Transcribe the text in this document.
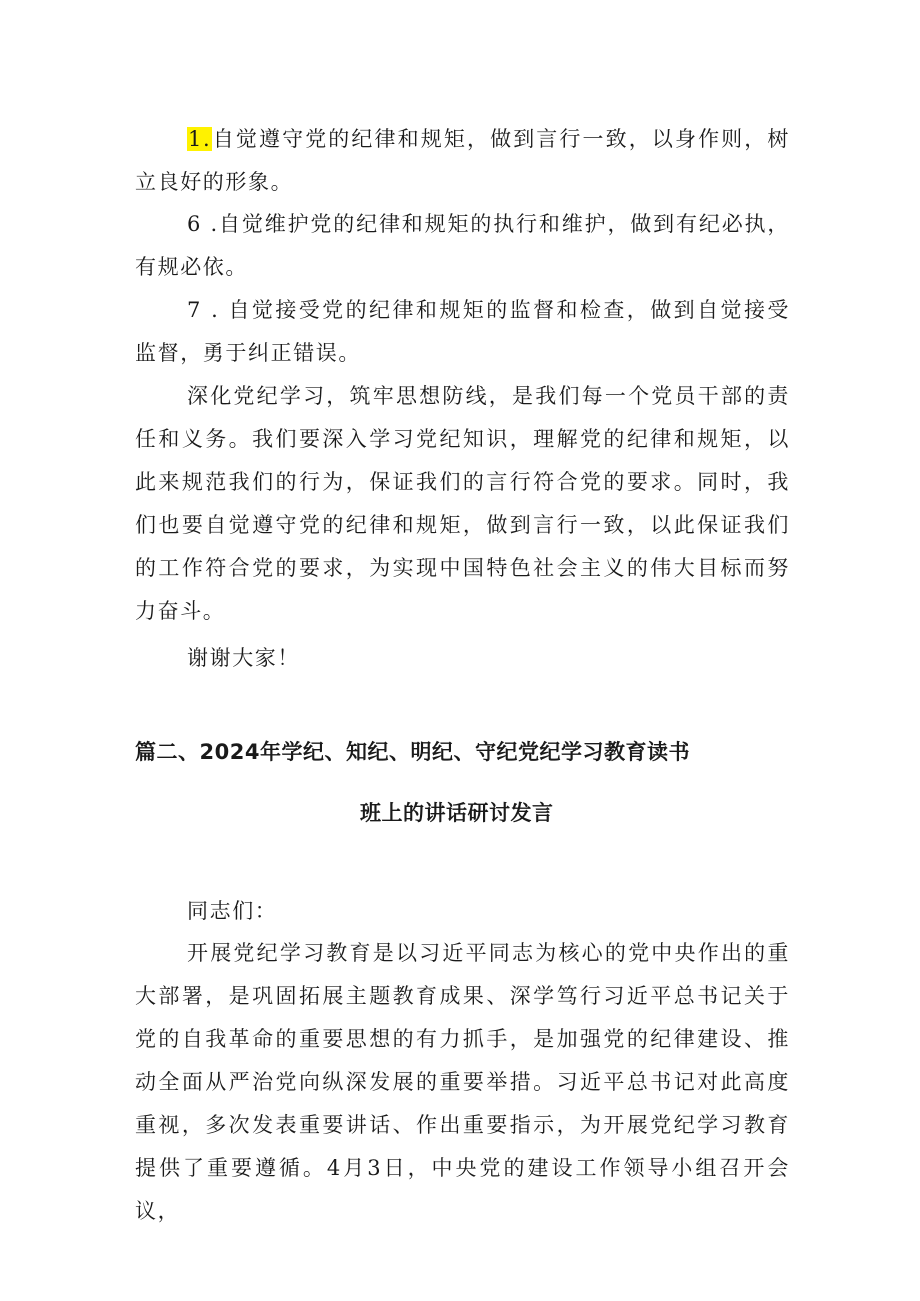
1.自觉遵守党的纪律和规矩，做到言行一致，以身作则，树立良好的形象。

6 .自觉维护党的纪律和规矩的执行和维护，做到有纪必执，有规必依。

7 . 自觉接受党的纪律和规矩的监督和检查，做到自觉接受监督，勇于纠正错误。

深化党纪学习，筑牢思想防线，是我们每一个党员干部的责任和义务。我们要深入学习党纪知识，理解党的纪律和规矩，以此来规范我们的行为，保证我们的言行符合党的要求。同时，我们也要自觉遵守党的纪律和规矩，做到言行一致，以此保证我们的工作符合党的要求，为实现中国特色社会主义的伟大目标而努力奋斗。

谢谢大家！

篇二、2024年学纪、知纪、明纪、守纪党纪学习教育读书
班上的讲话研讨发言

同志们：

开展党纪学习教育是以习近平同志为核心的党中央作出的重大部署，是巩固拓展主题教育成果、深学笃行习近平总书记关于党的自我革命的重要思想的有力抓手，是加强党的纪律建设、推动全面从严治党向纵深发展的重要举措。习近平总书记对此高度重视，多次发表重要讲话、作出重要指示，为开展党纪学习教育提供了重要遵循。4月3日，中央党的建设工作领导小组召开会议，
